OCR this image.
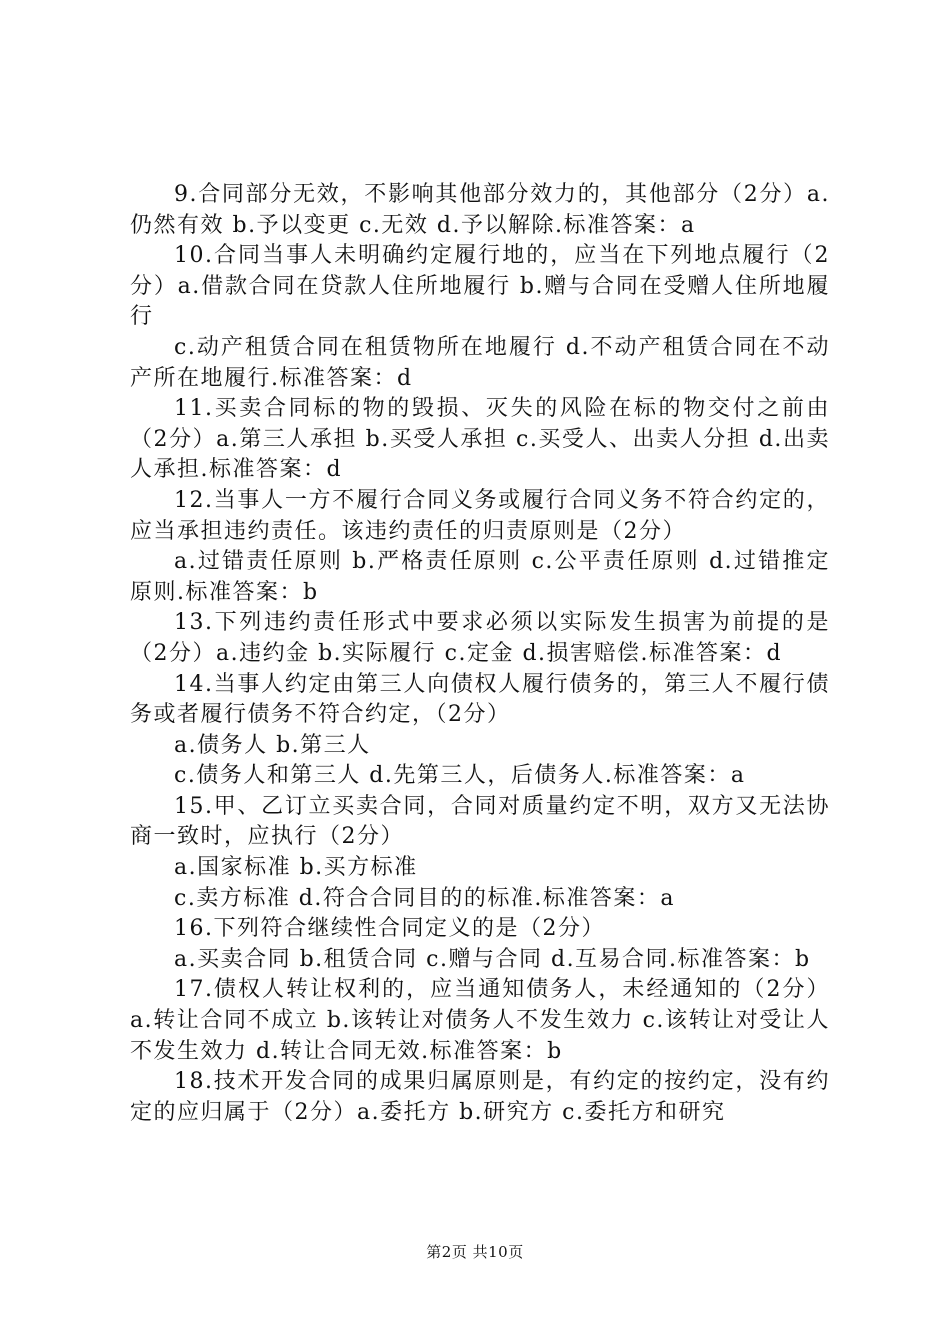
9.合同部分无效，不影响其他部分效力的，其他部分（2分）a.仍然有效 b.予以变更 c.无效 d.予以解除.标准答案：a

10.合同当事人未明确约定履行地的，应当在下列地点履行（2分）a.借款合同在贷款人住所地履行 b.赠与合同在受赠人住所地履行

c.动产租赁合同在租赁物所在地履行 d.不动产租赁合同在不动产所在地履行.标准答案：d

11.买卖合同标的物的毁损、灭失的风险在标的物交付之前由（2分）a.第三人承担 b.买受人承担 c.买受人、出卖人分担 d.出卖人承担.标准答案：d

12.当事人一方不履行合同义务或履行合同义务不符合约定的，应当承担违约责任。该违约责任的归责原则是（2分）

a.过错责任原则 b.严格责任原则 c.公平责任原则 d.过错推定原则.标准答案：b

13.下列违约责任形式中要求必须以实际发生损害为前提的是（2分）a.违约金 b.实际履行 c.定金 d.损害赔偿.标准答案：d

14.当事人约定由第三人向债权人履行债务的，第三人不履行债务或者履行债务不符合约定，（2分）

a.债务人 b.第三人

c.债务人和第三人 d.先第三人，后债务人.标准答案：a

15.甲、乙订立买卖合同，合同对质量约定不明，双方又无法协商一致时，应执行（2分）

a.国家标准 b.买方标准

c.卖方标准 d.符合合同目的的标准.标准答案：a

16.下列符合继续性合同定义的是（2分）

a.买卖合同 b.租赁合同 c.赠与合同 d.互易合同.标准答案：b

17.债权人转让权利的，应当通知债务人，未经通知的（2分）a.转让合同不成立 b.该转让对债务人不发生效力 c.该转让对受让人不发生效力 d.转让合同无效.标准答案：b

18.技术开发合同的成果归属原则是，有约定的按约定，没有约定的应归属于（2分）a.委托方 b.研究方 c.委托方和研究

第2页 共10页
